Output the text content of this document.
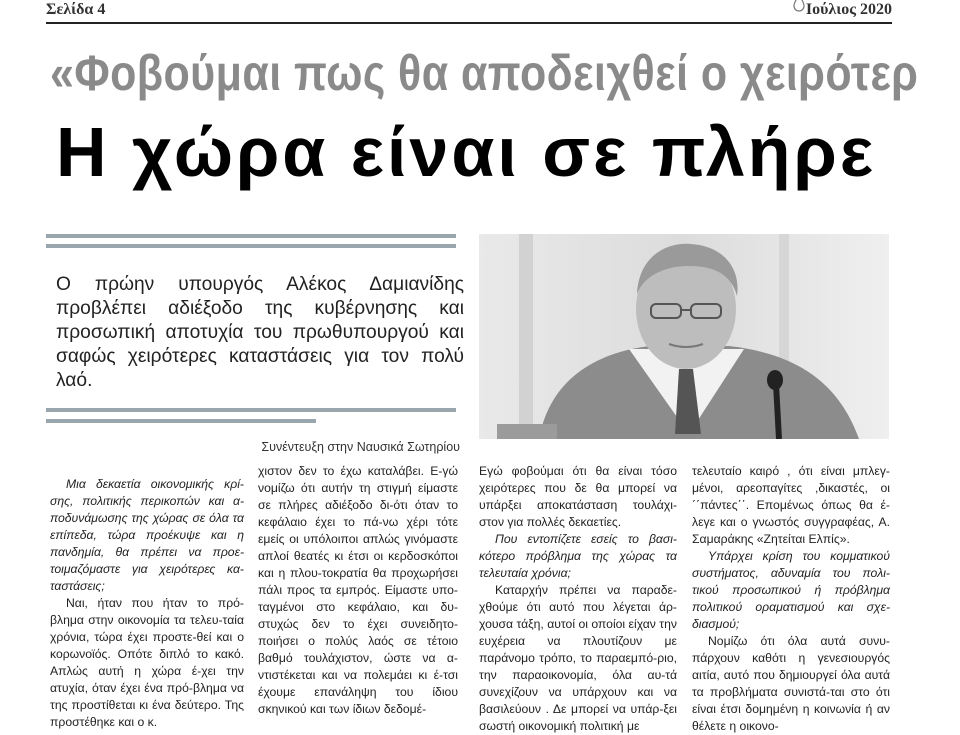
Σελίδα 4	Ιούλιος 2020
«Φοβούμαι πως θα αποδειχθεί ο χειρότερ
Η χώρα είναι σε πλήρε
Ο πρώην υπουργός Αλέκος Δαμιανίδης προβλέπει αδιέξοδο της κυβέρνησης και προσωπική αποτυχία του πρωθυπουργού και σαφώς χειρότερες καταστάσεις για τον πολύ λαό.
Συνέντευξη στην Ναυσικά Σωτηρίου

Μια δεκαετία οικονομικής κρί-σης, πολιτικής περικοπών και α-ποδυνάμωσης της χώρας σε όλα τα επίπεδα, τώρα προέκυψε και η πανδημία, θα πρέπει να προε-τοιμαζόμαστε για χειρότερες κα-ταστάσεις;

Ναι, ήταν που ήταν το πρό-βλημα στην οικονομία τα τελευ-ταία χρόνια, τώρα έχει προστε-θεί και ο κορωνοϊός. Οπότε διπλό το κακό. Απλώς αυτή η χώρα έ-χει την ατυχία, όταν έχει ένα πρό-βλημα να της προστίθεται κι ένα δεύτερο. Της προστέθηκε και ο κ.

χιστον δεν το έχω καταλάβει. Ε-γώ νομίζω ότι αυτήν τη στιγμή είμαστε σε πλήρες αδιέξοδο δι-ότι όταν το κεφάλαιο έχει το πά-νω χέρι τότε εμείς οι υπόλοιποι απλώς γινόμαστε απλοί θεατές κι έτσι οι κερδοσκόποι και η πλου-τοκρατία θα προχωρήσει πάλι προς τα εμπρός. Είμαστε υπο-ταγμένοι στο κεφάλαιο, και δυ-στυχώς δεν το έχει συνειδητο-ποιήσει ο πολύς λαός σε τέτοιο βαθμό τουλάχιστον, ώστε να α-ντιστέκεται και να πολεμάει κι έ-τσι έχουμε επανάληψη του ίδιου σκηνικού και των ίδιων δεδομέ-

Εγώ φοβούμαι ότι θα είναι τόσο χειρότερες που δε θα μπορεί να υπάρξει αποκατάσταση τουλάχι-στον για πολλές δεκαετίες.

Που εντοπίζετε εσείς το βασι-κότερο πρόβλημα της χώρας τα τελευταία χρόνια;

Καταρχήν πρέπει να παραδε-χθούμε ότι αυτό που λέγεται άρ-χουσα τάξη, αυτοί οι οποίοι είχαν την ευχέρεια να πλουτίζουν με παράνομο τρόπο, το παραεμπό-ριο, την παραοικονομία, όλα αυ-τά συνεχίζουν να υπάρχουν και να βασιλεύουν . Δε μπορεί να υπάρ-ξει σωστή οικονομική πολιτική με

τελευταίο καιρό , ότι είναι μπλεγ-μένοι, αρεοπαγίτες ,δικαστές, οι ΄΄πάντες΄΄. Επομένως όπως θα έ-λεγε και ο γνωστός συγγραφέας, Α. Σαμαράκης «Ζητείται Ελπίς».

Υπάρχει κρίση του κομματικού συστήματος, αδυναμία του πολι-τικού προσωπικού ή πρόβλημα πολιτικού οραματισμού και σχε-διασμού;

Νομίζω ότι όλα αυτά συνυ-πάρχουν καθότι η γενεσιουργός αιτία, αυτό που δημιουργεί όλα αυτά τα προβλήματα συνιστά-ται στο ότι είναι έτσι δομημένη η κοινωνία ή αν θέλετε η οικονο-
